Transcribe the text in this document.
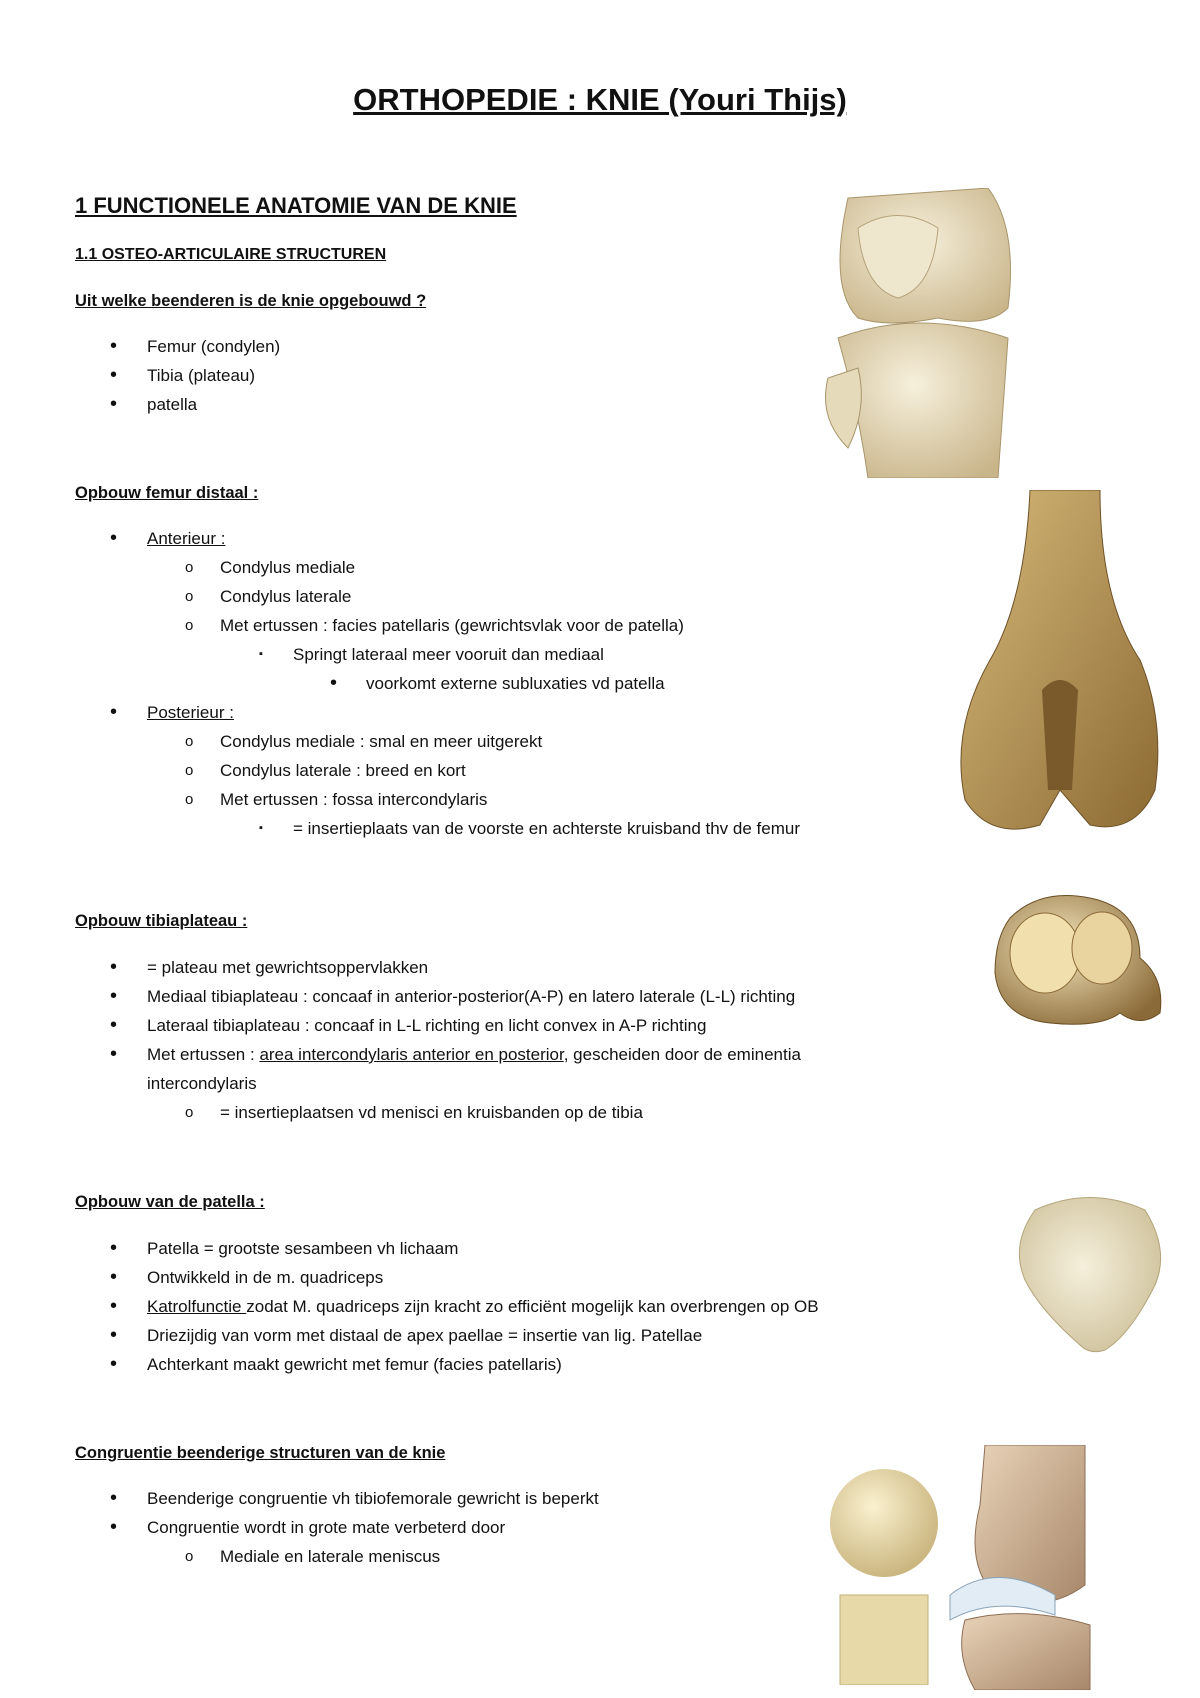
ORTHOPEDIE : KNIE (Youri Thijs)
1 FUNCTIONELE ANATOMIE VAN DE KNIE
1.1 OSTEO-ARTICULAIRE STRUCTUREN

Uit welke beenderen is de knie opgebouwd ?

• Femur (condylen)
• Tibia (plateau)
• patella

Opbouw femur distaal :

• Anterieur :
o Condylus mediale
o Condylus laterale
o Met ertussen : facies patellaris (gewrichtsvlak voor de patella)
▪ Springt lateraal meer vooruit dan mediaal
• voorkomt externe subluxaties vd patella
• Posterieur :
o Condylus mediale : smal en meer uitgerekt
o Condylus laterale : breed en kort
o Met ertussen : fossa intercondylaris
▪ = insertieplaats van de voorste en achterste kruisband thv de femur

Opbouw tibiaplateau :

• = plateau met gewrichtsoppervlakken
• Mediaal tibiaplateau : concaaf in anterior-posterior(A-P) en latero laterale (L-L) richting
• Lateraal tibiaplateau : concaaf in L-L richting en licht convex in A-P richting
• Met ertussen : area intercondylaris anterior en posterior, gescheiden door de eminentia
intercondylaris
o = insertieplaatsen vd menisci en kruisbanden op de tibia

Opbouw van de patella :

• Patella = grootste sesambeen vh lichaam
• Ontwikkeld in de m. quadriceps
• Katrolfunctie zodat M. quadriceps zijn kracht zo efficiënt mogelijk kan overbrengen op OB
• Driezijdig van vorm met distaal de apex paellae = insertie van lig. Patellae
• Achterkant maakt gewricht met femur (facies patellaris)

Congruentie beenderige structuren van de knie

• Beenderige congruentie vh tibiofemorale gewricht is beperkt
• Congruentie wordt in grote mate verbeterd door
o Mediale en laterale meniscus
